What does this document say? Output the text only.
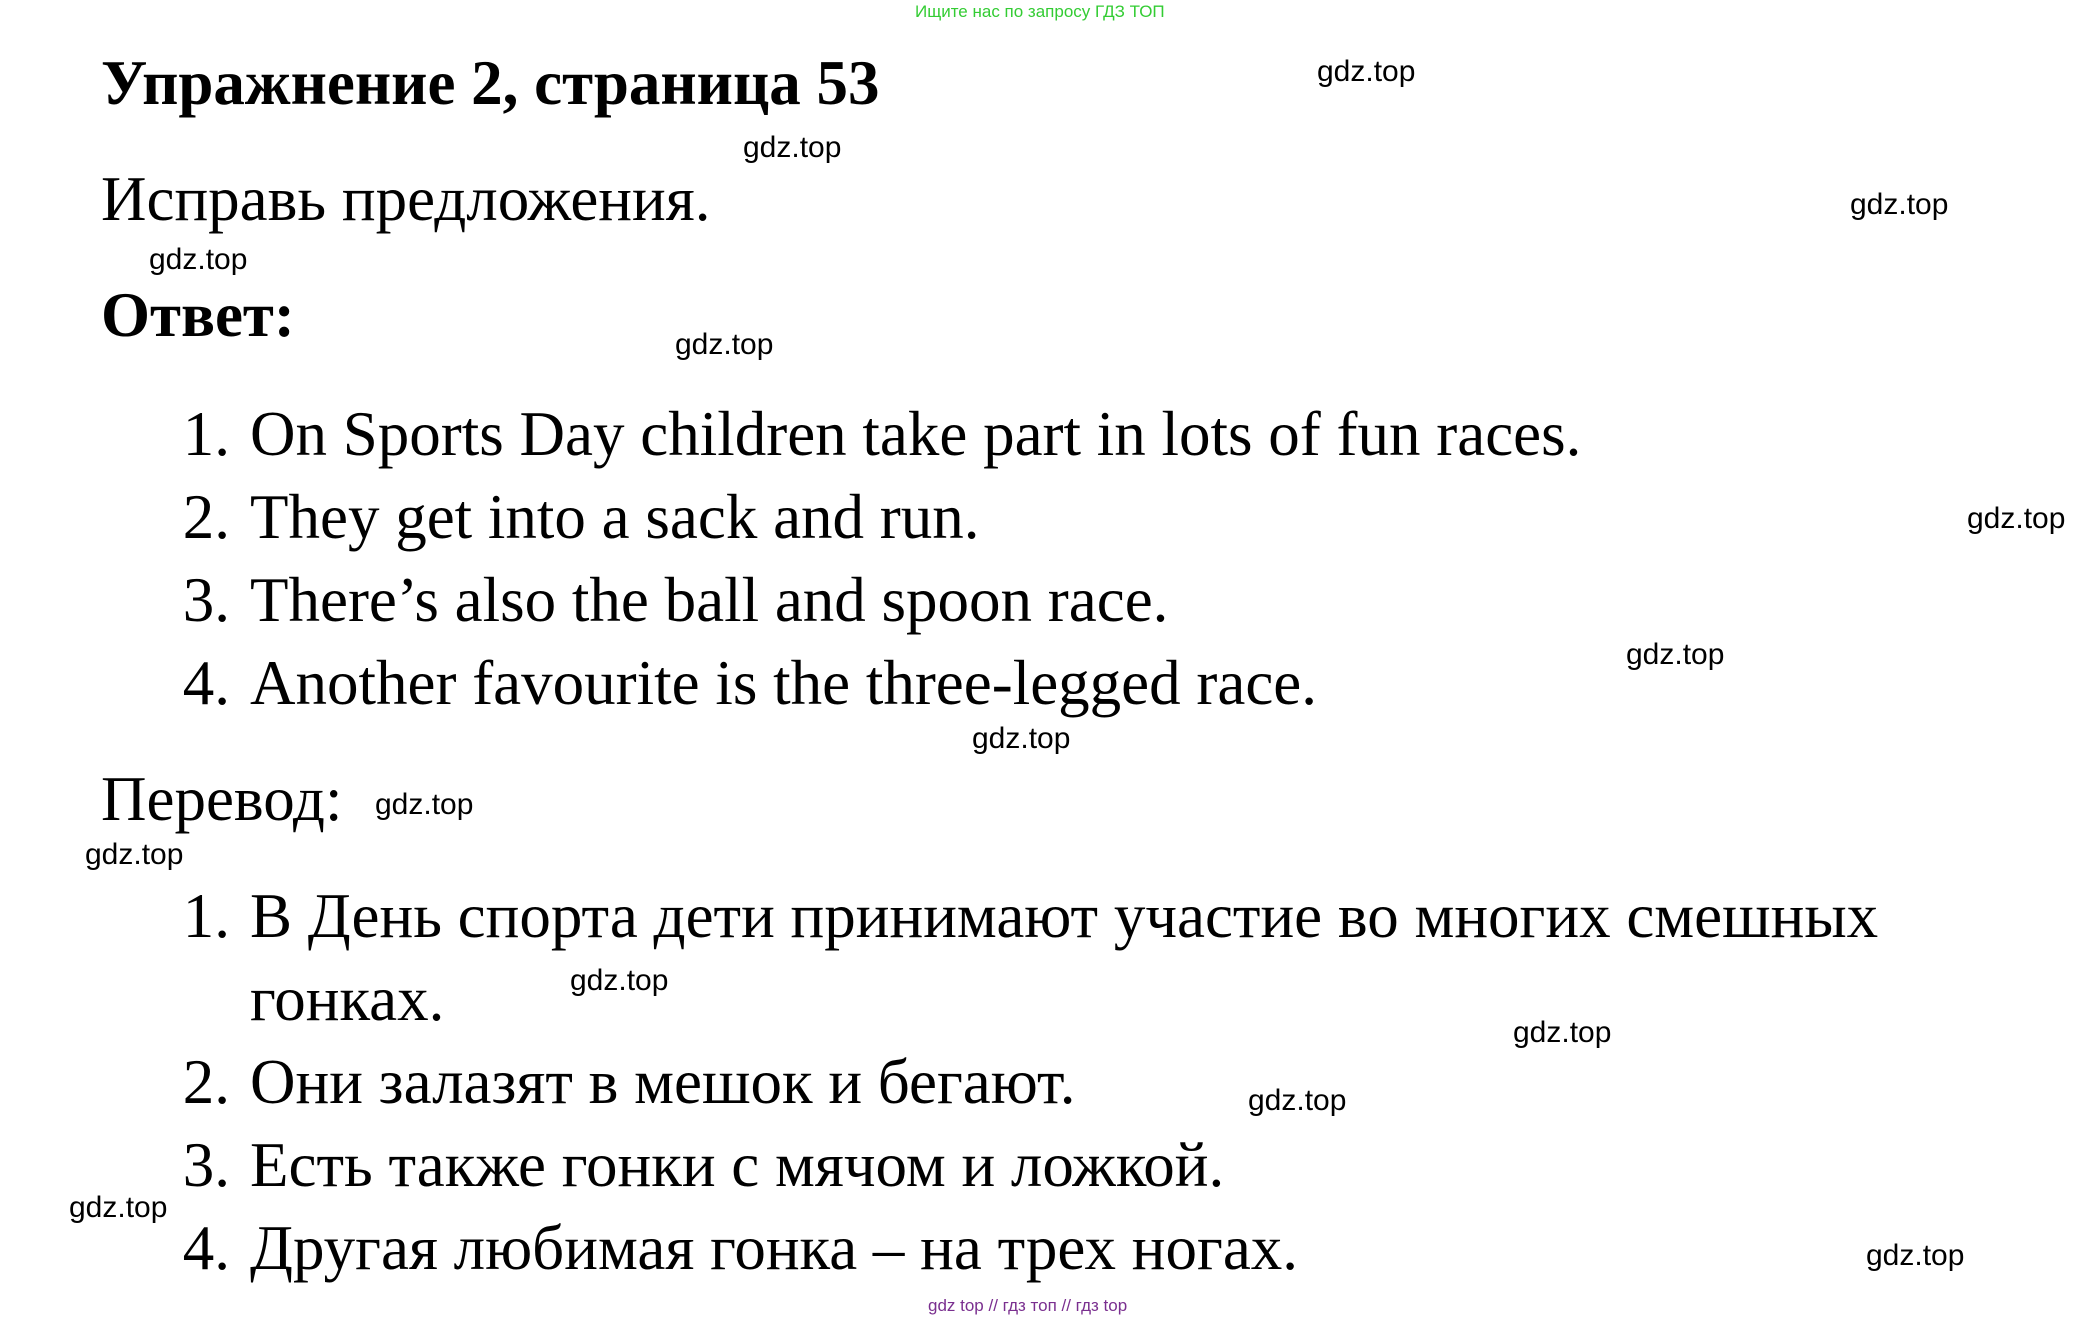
Ищите нас по запросу ГДЗ ТОП
Упражнение 2, страница 53
Исправь предложения.
Ответ:
1. On Sports Day children take part in lots of fun races.
2. They get into a sack and run.
3. There’s also the ball and spoon race.
4. Another favourite is the three-legged race.
Перевод:
1. В День спорта дети принимают участие во многих смешных
гонках.
2. Они залазят в мешок и бегают.
3. Есть также гонки с мячом и ложкой.
4. Другая любимая гонка – на трех ногах.
gdz.top
gdz.top
gdz.top
gdz.top
gdz.top
gdz.top
gdz.top
gdz.top
gdz.top
gdz.top
gdz.top
gdz.top
gdz.top
gdz.top
gdz.top
gdz top // гдз топ // гдз top
